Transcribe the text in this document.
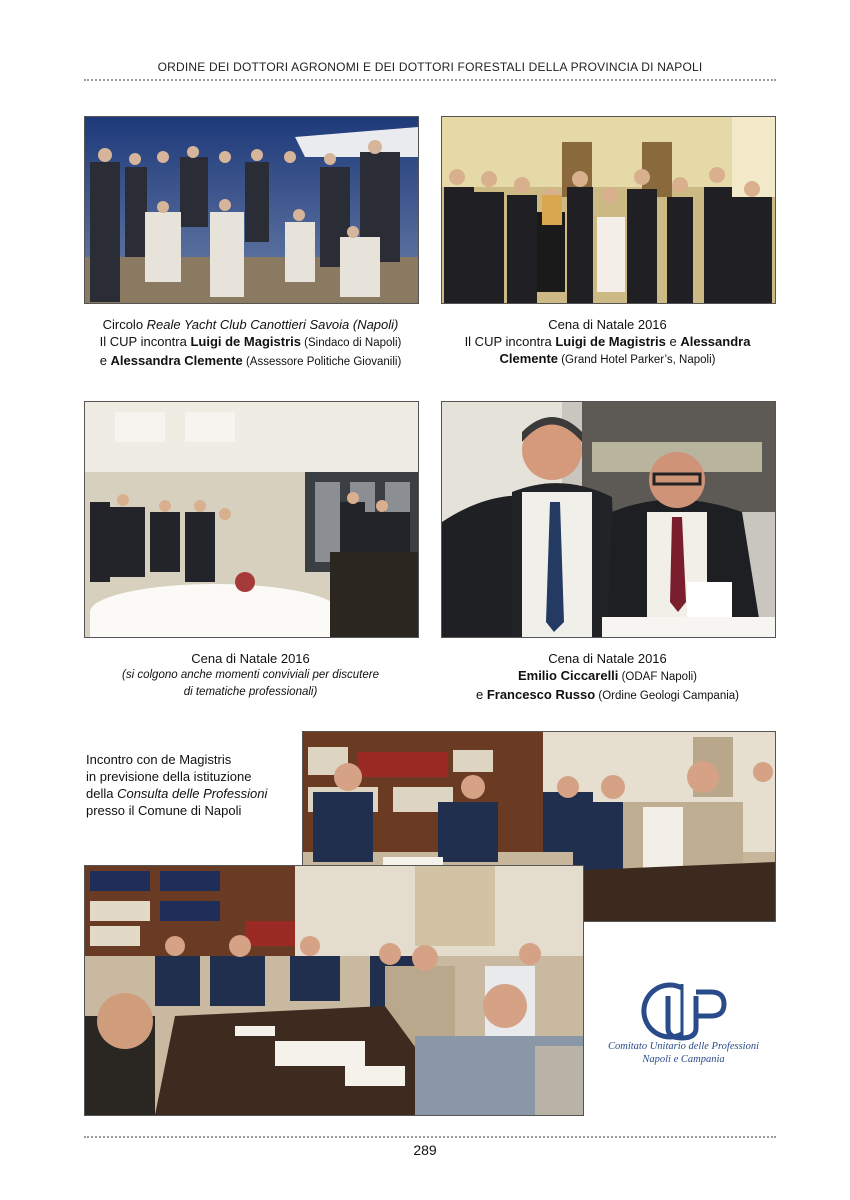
ORDINE DEI DOTTORI AGRONOMI E DEI DOTTORI FORESTALI DELLA PROVINCIA DI NAPOLI
Circolo Reale Yacht Club Canottieri Savoia (Napoli)
Il CUP incontra Luigi de Magistris (Sindaco di Napoli)
e Alessandra Clemente (Assessore Politiche Giovanili)
Cena di Natale 2016
Il CUP incontra Luigi de Magistris e Alessandra
Clemente (Grand Hotel Parker’s, Napoli)
Cena di Natale 2016
(si colgono anche momenti conviviali per discutere
di tematiche professionali)
Cena di Natale 2016
Emilio Ciccarelli (ODAF Napoli)
e Francesco Russo (Ordine Geologi Campania)
Incontro con de Magistris
in previsione della istituzione
della Consulta delle Professioni
presso il Comune di Napoli
Comitato Unitario delle Professioni
Napoli e Campania
289
